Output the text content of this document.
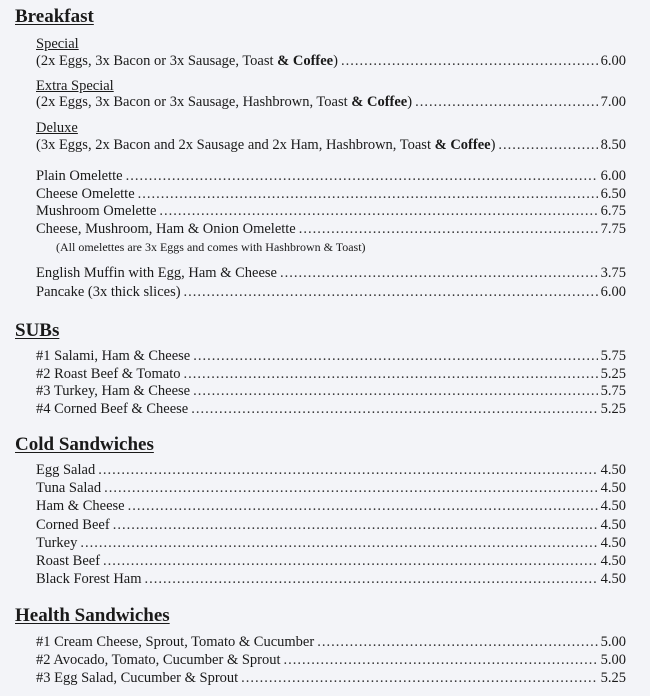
Breakfast
Special
(2x Eggs, 3x Bacon or 3x Sausage, Toast & Coffee) .....	6.00
Extra Special
(2x Eggs, 3x Bacon or 3x Sausage, Hashbrown, Toast & Coffee) .....	7.00
Deluxe
(3x Eggs, 2x Bacon and 2x Sausage and 2x Ham, Hashbrown, Toast & Coffee) .....	8.50
(All omelettes are 3x Eggs and comes with Hashbrown & Toast)
SUBs
Cold Sandwiches
Health Sandwiches
Plain Omelette .....	6.00
Cheese Omelette .....	6.50
Mushroom Omelette .....	6.75
Cheese, Mushroom, Ham & Onion Omelette .....	7.75
English Muffin with Egg, Ham & Cheese .....	3.75
Pancake (3x thick slices) .....	6.00
#1 Salami, Ham & Cheese .....	5.75
#2 Roast Beef & Tomato .....	5.25
#3 Turkey, Ham & Cheese .....	5.75
#4 Corned Beef & Cheese .....	5.25
Egg Salad .....	4.50
Tuna Salad .....	4.50
Ham & Cheese .....	4.50
Corned Beef .....	4.50
Turkey .....	4.50
Roast Beef .....	4.50
Black Forest Ham .....	4.50
#1 Cream Cheese, Sprout, Tomato & Cucumber .....	5.00
#2 Avocado, Tomato, Cucumber & Sprout .....	5.00
#3 Egg Salad, Cucumber & Sprout .....	5.25
